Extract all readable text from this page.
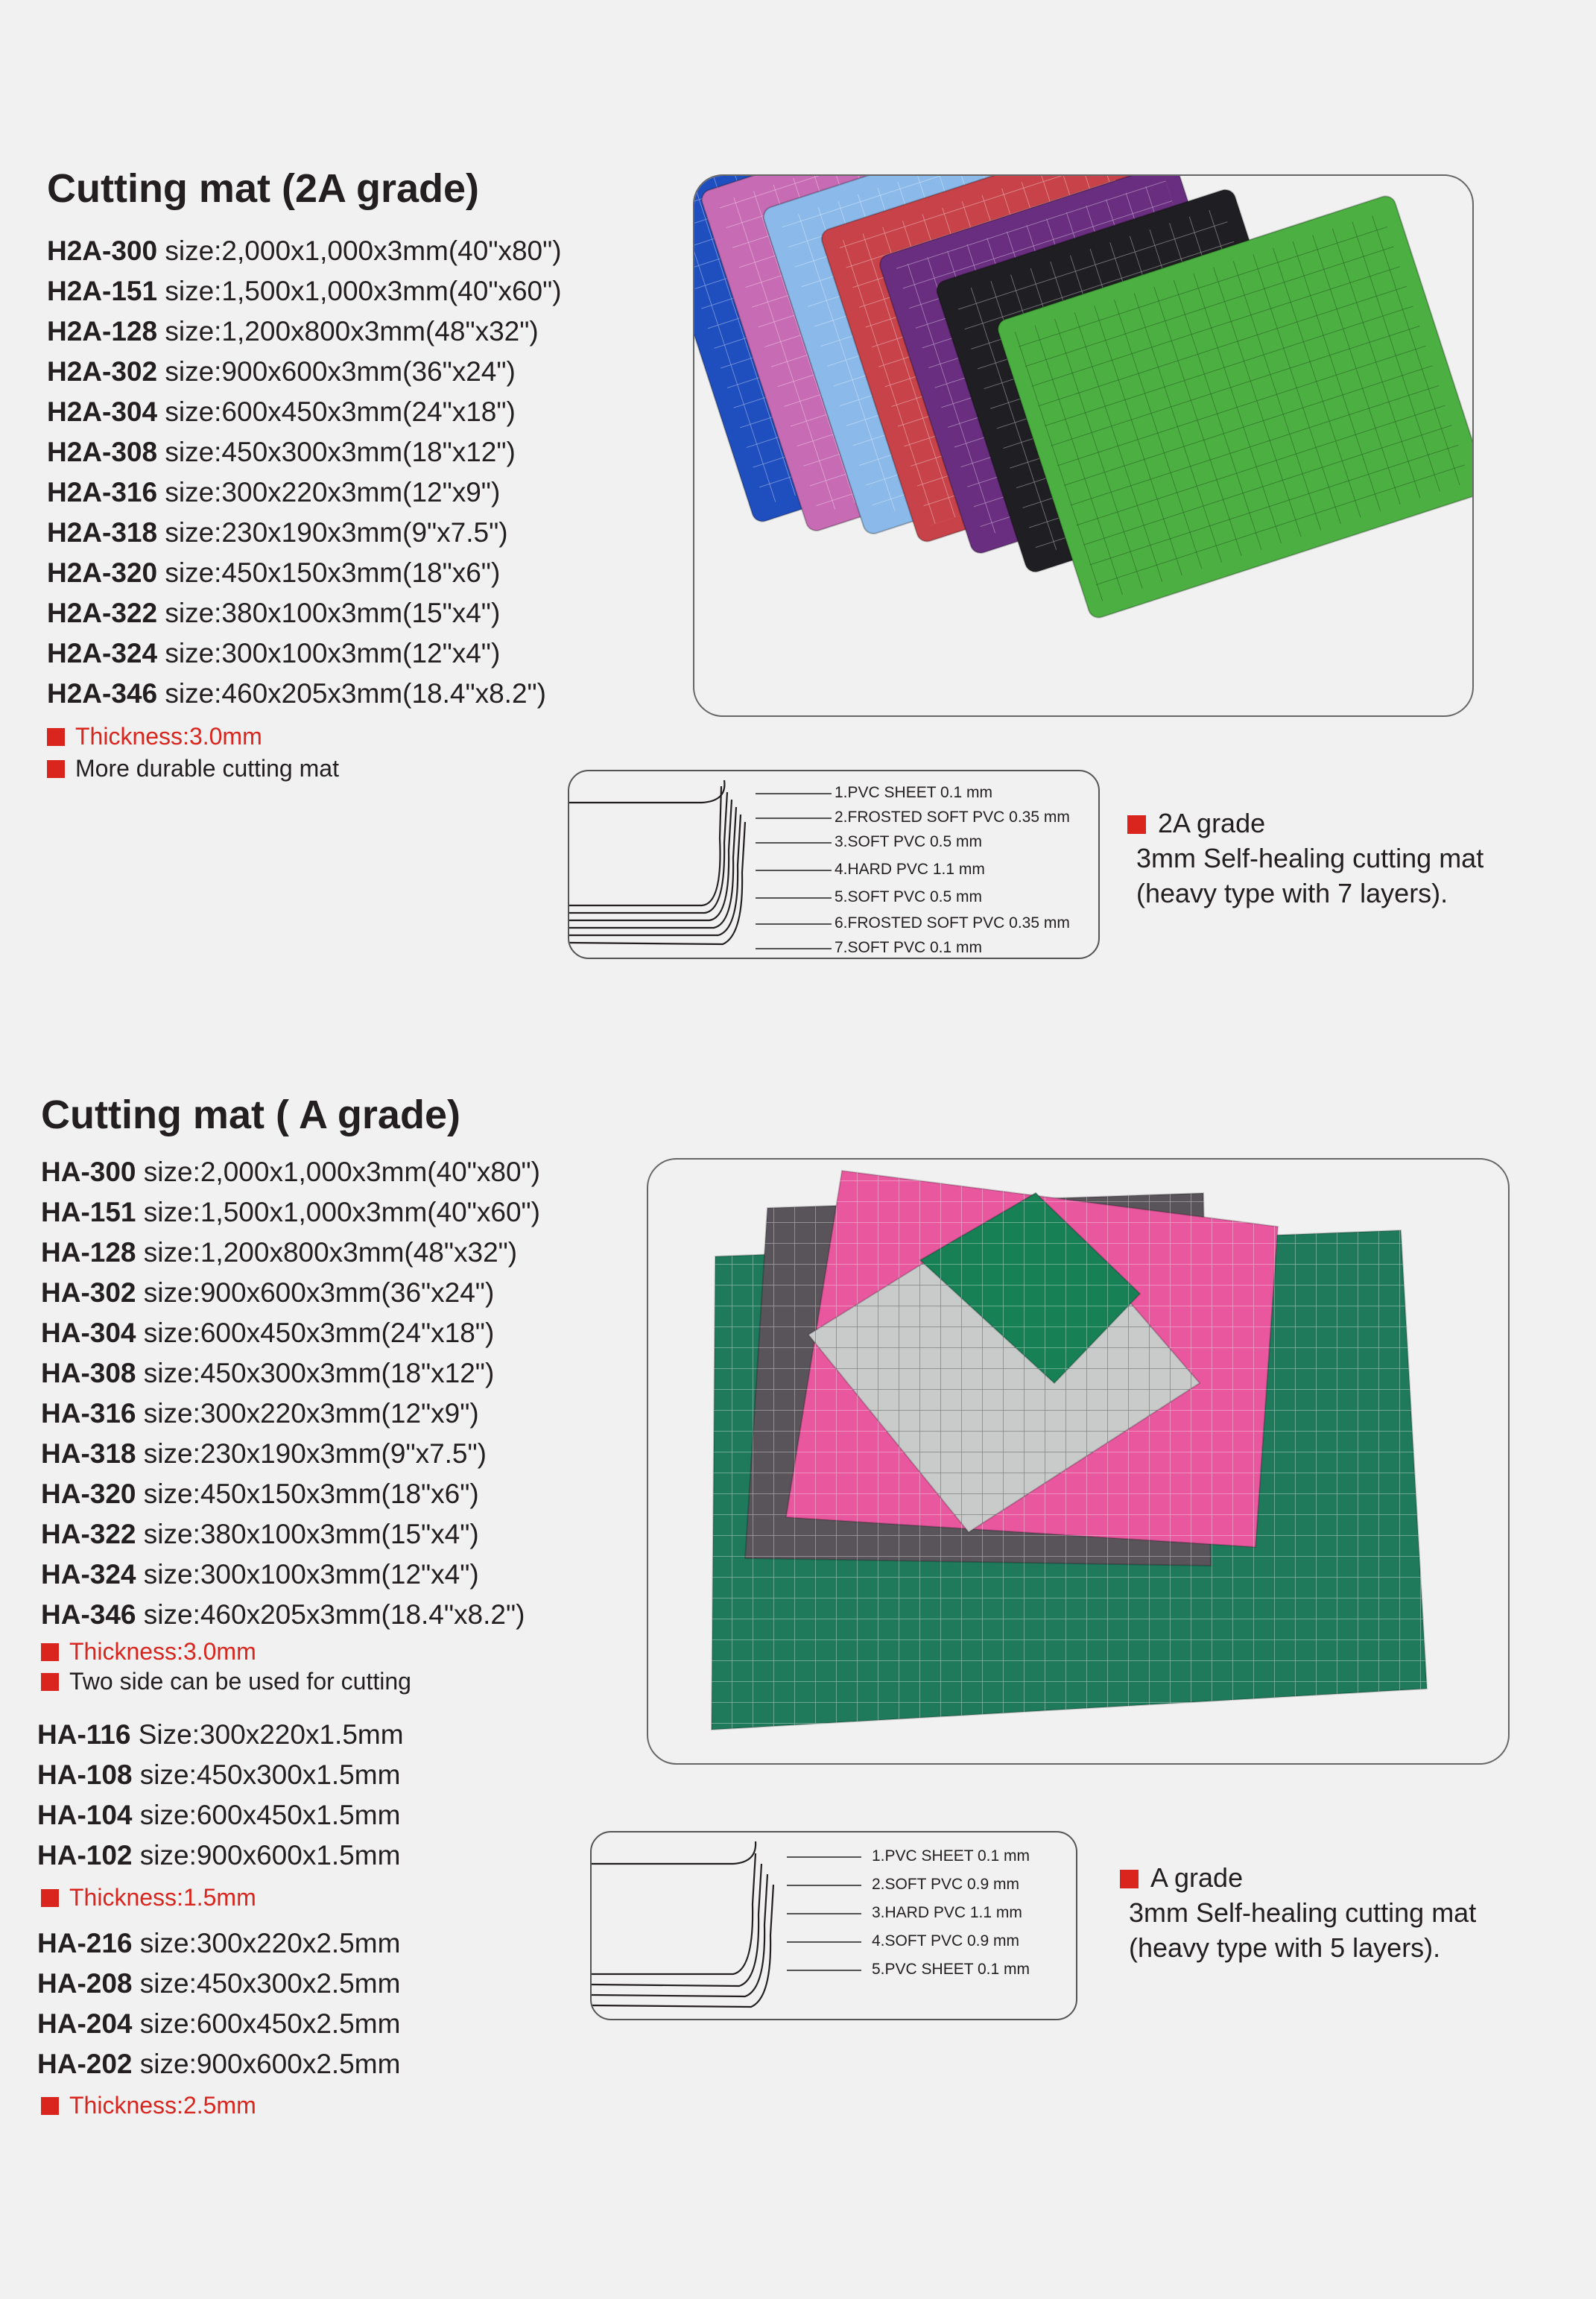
Cutting mat (2A grade)
H2A-300 size:2,000x1,000x3mm(40"x80")
H2A-151 size:1,500x1,000x3mm(40"x60")
H2A-128 size:1,200x800x3mm(48"x32")
H2A-302 size:900x600x3mm(36"x24")
H2A-304 size:600x450x3mm(24"x18")
H2A-308 size:450x300x3mm(18"x12")
H2A-316 size:300x220x3mm(12"x9")
H2A-318 size:230x190x3mm(9"x7.5")
H2A-320 size:450x150x3mm(18"x6")
H2A-322 size:380x100x3mm(15"x4")
H2A-324 size:300x100x3mm(12"x4")
H2A-346 size:460x205x3mm(18.4"x8.2")
Thickness:3.0mm
More durable cutting mat
1.PVC SHEET 0.1 mm
2.FROSTED SOFT PVC 0.35 mm
3.SOFT PVC 0.5 mm
4.HARD PVC 1.1 mm
5.SOFT PVC 0.5 mm
6.FROSTED SOFT PVC 0.35 mm
7.SOFT PVC 0.1 mm
2A grade
3mm Self-healing cutting mat
(heavy type with 7 layers).
Cutting mat ( A grade)
HA-300 size:2,000x1,000x3mm(40"x80")
HA-151 size:1,500x1,000x3mm(40"x60")
HA-128 size:1,200x800x3mm(48"x32")
HA-302 size:900x600x3mm(36"x24")
HA-304 size:600x450x3mm(24"x18")
HA-308 size:450x300x3mm(18"x12")
HA-316 size:300x220x3mm(12"x9")
HA-318 size:230x190x3mm(9"x7.5")
HA-320 size:450x150x3mm(18"x6")
HA-322 size:380x100x3mm(15"x4")
HA-324 size:300x100x3mm(12"x4")
HA-346 size:460x205x3mm(18.4"x8.2")
Thickness:3.0mm
Two side can be used for cutting
HA-116 Size:300x220x1.5mm
HA-108 size:450x300x1.5mm
HA-104 size:600x450x1.5mm
HA-102 size:900x600x1.5mm
Thickness:1.5mm
HA-216 size:300x220x2.5mm
HA-208 size:450x300x2.5mm
HA-204 size:600x450x2.5mm
HA-202 size:900x600x2.5mm
Thickness:2.5mm
1.PVC SHEET 0.1 mm
2.SOFT PVC 0.9 mm
3.HARD PVC 1.1 mm
4.SOFT PVC 0.9 mm
5.PVC SHEET 0.1 mm
A grade
3mm Self-healing cutting mat
(heavy type with 5 layers).
